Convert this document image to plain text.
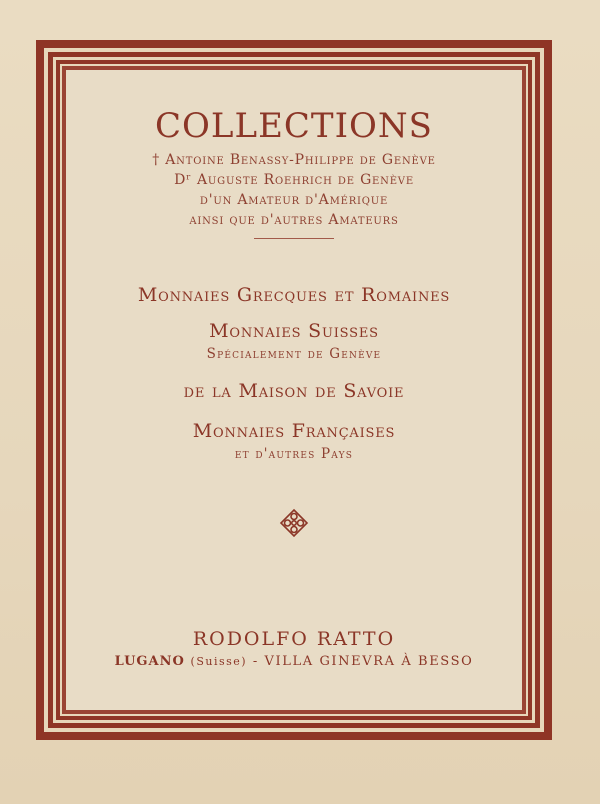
COLLECTIONS
† Antoine Benassy-Philippe de Genève
Dʳ Auguste Roehrich de Genève
d'un Amateur d'Amérique
ainsi que d'autres Amateurs
Monnaies Grecques et Romaines
Monnaies Suisses
Spécialement de Genève
de la Maison de Savoie
Monnaies Françaises
et d'autres Pays
RODOLFO RATTO
LUGANO (Suisse) - VILLA GINEVRA À BESSO
